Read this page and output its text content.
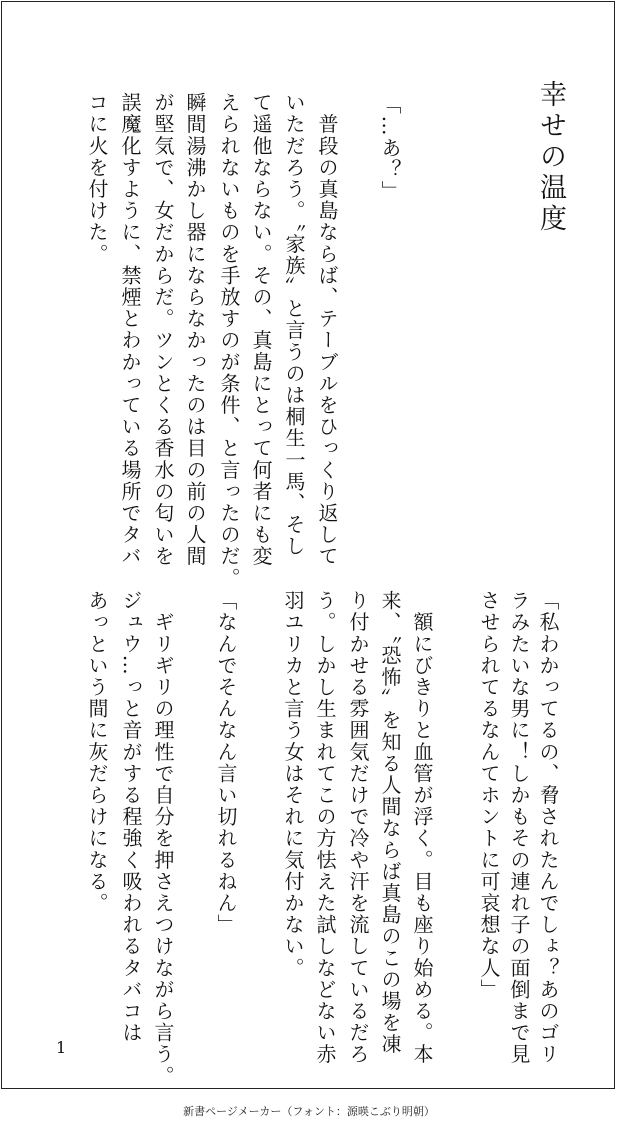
幸せの温度
「…あ？」
　普段の真島ならば、テーブルをひっくり返して
いただろう。〝家族〟と言うのは桐生一馬、そし
て遥他ならない。その、真島にとって何者にも変
えられないものを手放すのが条件、と言ったのだ。
瞬間湯沸かし器にならなかったのは目の前の人間
が堅気で、女だからだ。ツンとくる香水の匂いを
誤魔化すように、禁煙とわかっている場所でタバ
コに火を付けた。
「私わかってるの、脅されたんでしょ？あのゴリ
ラみたいな男に！しかもその連れ子の面倒まで見
させられてるなんてホントに可哀想な人」
　額にびきりと血管が浮く。目も座り始める。本
来、〝恐怖〟を知る人間ならば真島のこの場を凍
り付かせる雰囲気だけで冷や汗を流しているだろ
う。しかし生まれてこの方怯えた試しなどない赤
羽ユリカと言う女はそれに気付かない。
「なんでそんなん言い切れるねん」
　ギリギリの理性で自分を押さえつけながら言う。
ジュウ…っと音がする程強く吸われるタバコは
あっという間に灰だらけになる。
1
新書ページメーカー（フォント：源暎こぶり明朝）
